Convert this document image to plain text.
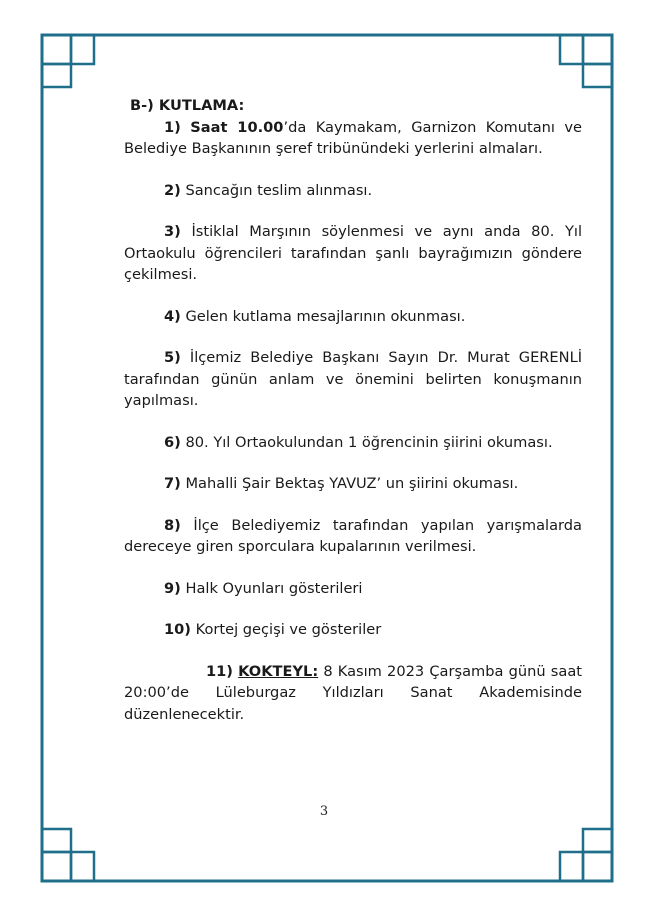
B-) KUTLAMA:

1) Saat 10.00’da Kaymakam, Garnizon Komutanı ve Belediye Başkanının şeref tribünündeki yerlerini almaları.

2) Sancağın teslim alınması.

3) İstiklal Marşının söylenmesi ve aynı anda 80. Yıl Ortaokulu öğrencileri tarafından şanlı bayrağımızın göndere çekilmesi.

4) Gelen kutlama mesajlarının okunması.

5) İlçemiz Belediye Başkanı Sayın Dr. Murat GERENLİ tarafından günün anlam ve önemini belirten konuşmanın yapılması.

6) 80. Yıl Ortaokulundan 1 öğrencinin şiirini okuması.

7) Mahalli Şair Bektaş YAVUZ’ un şiirini okuması.

8) İlçe Belediyemiz tarafından yapılan yarışmalarda dereceye giren sporculara kupalarının verilmesi.

9) Halk Oyunları gösterileri

10) Kortej geçişi ve gösteriler

11) KOKTEYL: 8 Kasım 2023 Çarşamba günü saat 20:00’de Lüleburgaz Yıldızları Sanat Akademisinde düzenlenecektir.

3
